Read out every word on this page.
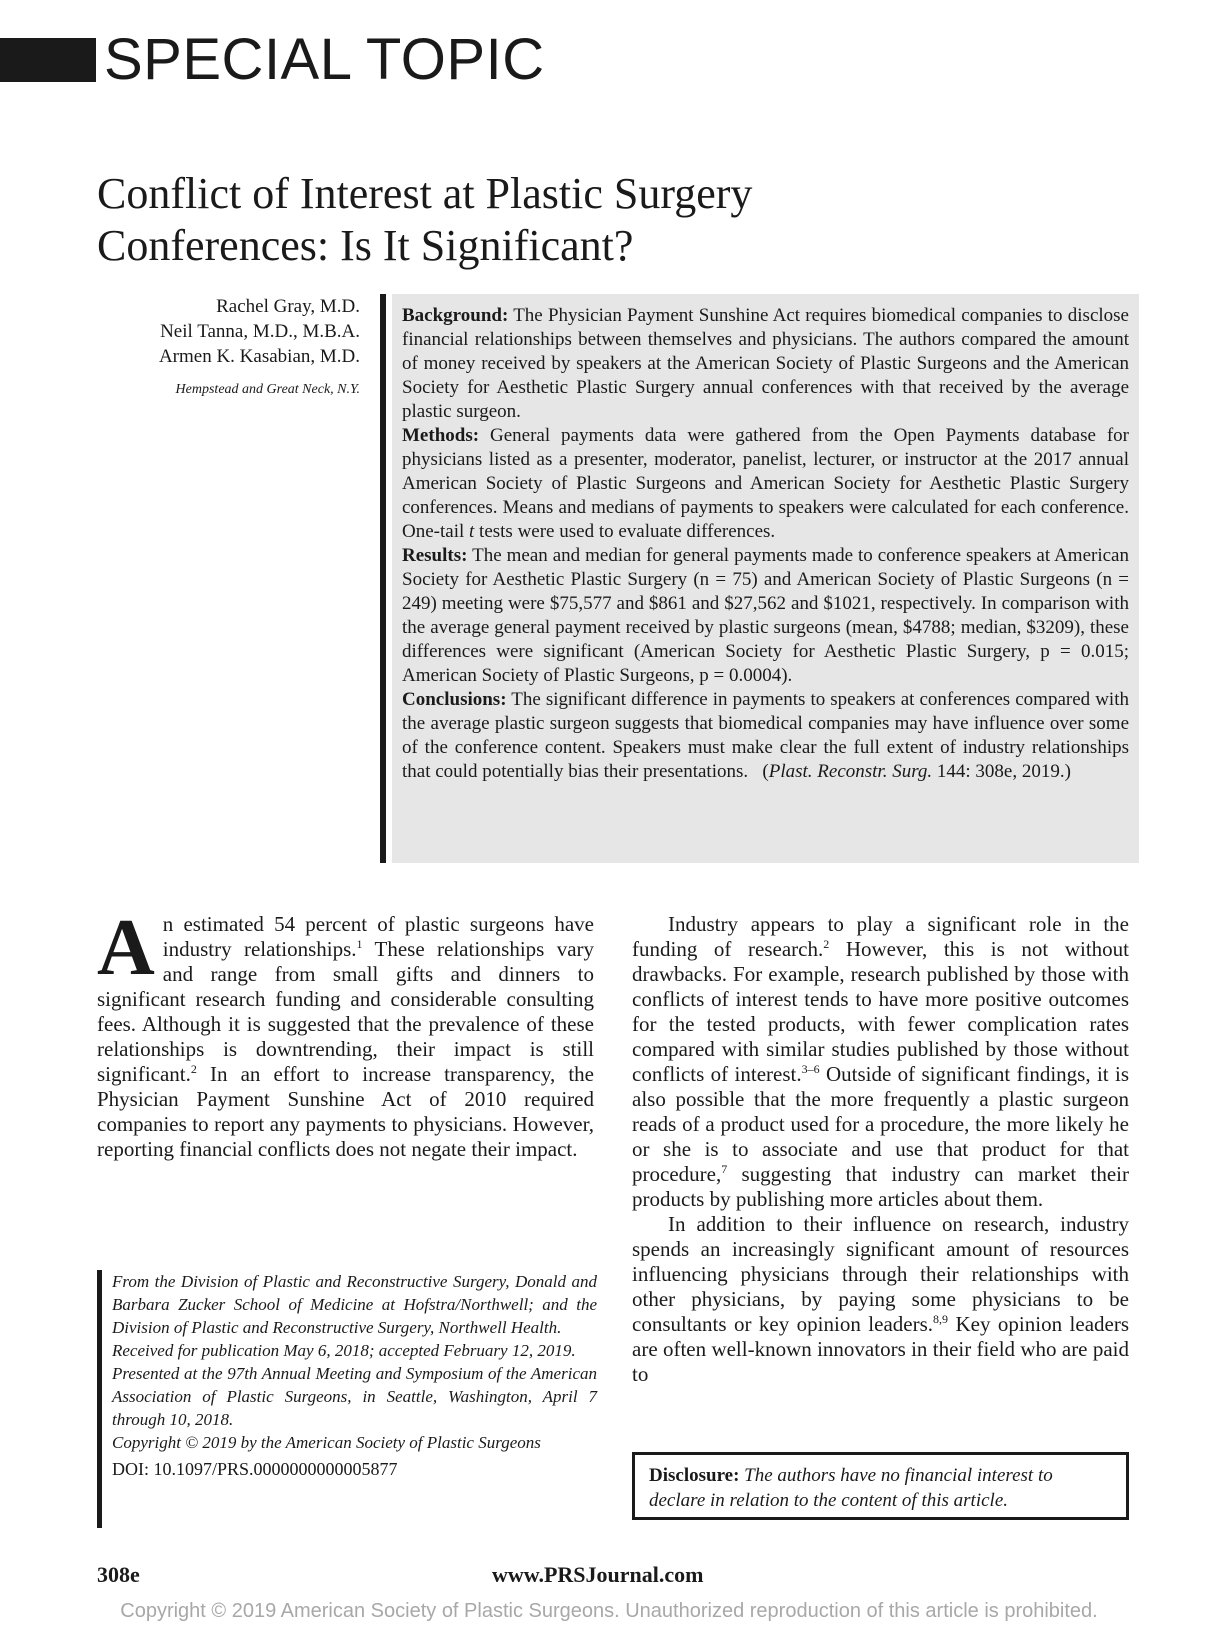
SPECIAL TOPIC
Conflict of Interest at Plastic Surgery
Conferences: Is It Significant?
Rachel Gray, M.D.
Neil Tanna, M.D., M.B.A.
Armen K. Kasabian, M.D.
Hempstead and Great Neck, N.Y.

Background: The Physician Payment Sunshine Act requires biomedical companies to disclose financial relationships between themselves and physicians. The authors compared the amount of money received by speakers at the American Society of Plastic Surgeons and the American Society for Aesthetic Plastic Surgery annual conferences with that received by the average plastic surgeon.

Methods: General payments data were gathered from the Open Payments database for physicians listed as a presenter, moderator, panelist, lecturer, or instructor at the 2017 annual American Society of Plastic Surgeons and American Society for Aesthetic Plastic Surgery conferences. Means and medians of payments to speakers were calculated for each conference. One-tail t tests were used to evaluate differences.

Results: The mean and median for general payments made to conference speakers at American Society for Aesthetic Plastic Surgery (n = 75) and American Society of Plastic Surgeons (n = 249) meeting were $75,577 and $861 and $27,562 and $1021, respectively. In comparison with the average general payment received by plastic surgeons (mean, $4788; median, $3209), these differences were significant (American Society for Aesthetic Plastic Surgery, p = 0.015; American Society of Plastic Surgeons, p = 0.0004).

Conclusions: The significant difference in payments to speakers at conferences compared with the average plastic surgeon suggests that biomedical companies may have influence over some of the conference content. Speakers must make clear the full extent of industry relationships that could potentially bias their presentations. (Plast. Reconstr. Surg. 144: 308e, 2019.)

An estimated 54 percent of plastic surgeons have industry relationships.$^1$ These relationships vary and range from small gifts and dinners to significant research funding and considerable consulting fees. Although it is suggested that the prevalence of these relationships is downtrending, their impact is still significant.$^2$ In an effort to increase transparency, the Physician Payment Sunshine Act of 2010 required companies to report any payments to physicians. However, reporting financial conflicts does not negate their impact.

Industry appears to play a significant role in the funding of research.$^2$ However, this is not without drawbacks. For example, research published by those with conflicts of interest tends to have more positive outcomes for the tested products, with fewer complication rates compared with similar studies published by those without conflicts of interest.$^{3-6}$ Outside of significant findings, it is also possible that the more frequently a plastic surgeon reads of a product used for a procedure, the more likely he or she is to associate and use that product for that procedure,$^7$ suggesting that industry can market their products by publishing more articles about them.

In addition to their influence on research, industry spends an increasingly significant amount of resources influencing physicians through their relationships with other physicians, by paying some physicians to be consultants or key opinion leaders.$^{8,9}$ Key opinion leaders are often well-known innovators in their field who are paid to

From the Division of Plastic and Reconstructive Surgery, Donald and Barbara Zucker School of Medicine at Hofstra/Northwell; and the Division of Plastic and Reconstructive Surgery, Northwell Health.

Received for publication May 6, 2018; accepted February 12, 2019.

Presented at the 97th Annual Meeting and Symposium of the American Association of Plastic Surgeons, in Seattle, Washington, April 7 through 10, 2018.

Copyright © 2019 by the American Society of Plastic Surgeons

DOI: 10.1097/PRS.0000000000005877	Disclosure: The authors have no financial interest to declare in relation to the content of this article.
308e	www.PRSJournal.com
Copyright © 2019 American Society of Plastic Surgeons. Unauthorized reproduction of this article is prohibited.
